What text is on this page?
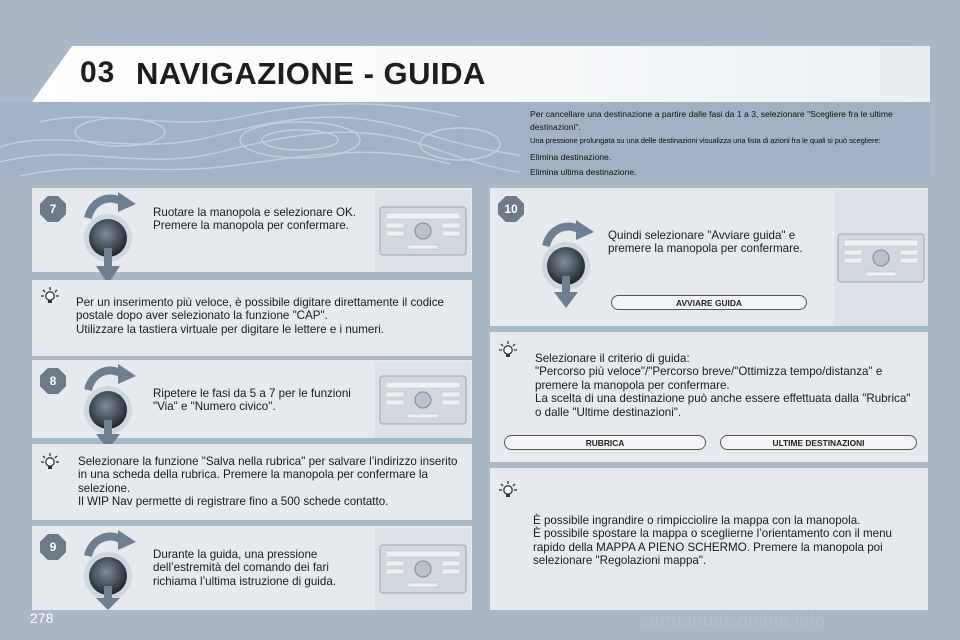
03 NAVIGAZIONE - GUIDA
Per cancellare una destinazione a partire dalle fasi da 1 a 3, selezionare "Scegliere fra le ultime destinazioni".
Una pressione prolungata su una delle destinazioni visualizza una lista di azioni fra le quali si può scegliere:
Elimina destinazione.
Elimina ultima destinazione.
7	Ruotare la manopola e selezionare OK.
Premere la manopola per confermare.
Per un inserimento più veloce, è possibile digitare direttamente il codice postale dopo aver selezionato la funzione "CAP".
Utilizzare la tastiera virtuale per digitare le lettere e i numeri.
8
Ripetere le fasi da 5 a 7 per le funzioni "Via" e "Numero civico".
Selezionare la funzione "Salva nella rubrica" per salvare l’indirizzo inserito in una scheda della rubrica. Premere la manopola per confermare la selezione.
Il WIP Nav permette di registrare fino a 500 schede contatto.
9
Durante la guida, una pressione dell’estremità del comando dei fari richiama l’ultima istruzione di guida.
10
Quindi selezionare "Avviare guida" e premere la manopola per confermare.
AVVIARE GUIDA
Selezionare il criterio di guida:
"Percorso più veloce"/"Percorso breve/"Ottimizza tempo/distanza" e premere la manopola per confermare.
La scelta di una destinazione può anche essere effettuata dalla "Rubrica" o dalle "Ultime destinazioni".
RUBRICA	ULTIME DESTINAZIONI
È possibile ingrandire o rimpicciolire la mappa con la manopola.
È possibile spostare la mappa o sceglierne l’orientamento con il menu rapido della MAPPA A PIENO SCHERMO. Premere la manopola poi selezionare "Regolazioni mappa".
278	carmanualsonline.info
